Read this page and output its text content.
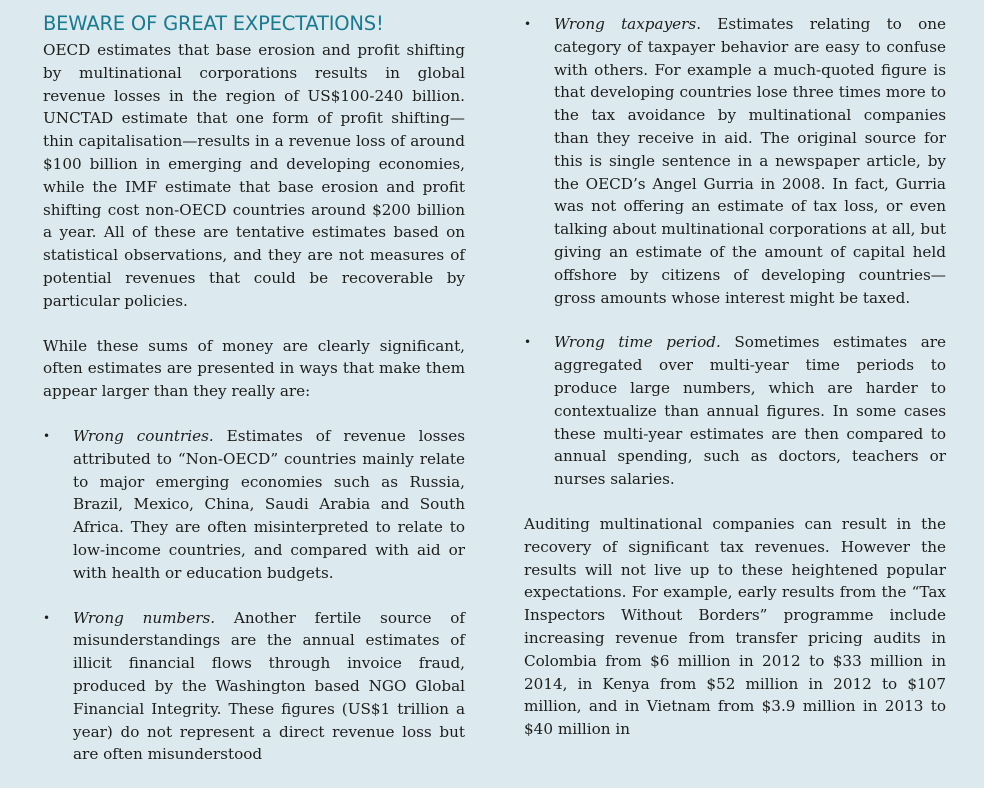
BEWARE OF GREAT EXPECTATIONS!

OECD estimates that base erosion and profit shifting by multinational corporations results in global revenue losses in the region of US$100-240 billion. UNCTAD estimate that one form of profit shifting—thin capitalisation—results in a revenue loss of around $100 billion in emerging and developing economies, while the IMF estimate that base erosion and profit shifting cost non-OECD countries around $200 billion a year. All of these are tentative estimates based on statistical observations, and they are not measures of potential revenues that could be recoverable by particular policies.

While these sums of money are clearly significant, often estimates are presented in ways that make them appear larger than they really are:

• Wrong countries. Estimates of revenue losses attributed to “Non-OECD” countries mainly relate to major emerging economies such as Russia, Brazil, Mexico, China, Saudi Arabia and South Africa. They are often misinterpreted to relate to low-income countries, and compared with aid or with health or education budgets.
• Wrong numbers. Another fertile source of misunderstandings are the annual estimates of illicit financial flows through invoice fraud, produced by the Washington based NGO Global Financial Integrity. These figures (US$1 trillion a year) do not represent a direct revenue loss but are often misunderstood
• Wrong taxpayers. Estimates relating to one category of taxpayer behavior are easy to confuse with others. For example a much-quoted figure is that developing countries lose three times more to the tax avoidance by multinational companies than they receive in aid. The original source for this is single sentence in a newspaper article, by the OECD’s Angel Gurria in 2008. In fact, Gurria was not offering an estimate of tax loss, or even talking about multinational corporations at all, but giving an estimate of the amount of capital held offshore by citizens of developing countries—gross amounts whose interest might be taxed.
• Wrong time period. Sometimes estimates are aggregated over multi-year time periods to produce large numbers, which are harder to contextualize than annual figures. In some cases these multi-year estimates are then compared to annual spending, such as doctors, teachers or nurses salaries.

Auditing multinational companies can result in the recovery of significant tax revenues. However the results will not live up to these heightened popular expectations. For example, early results from the “Tax Inspectors Without Borders” programme include increasing revenue from transfer pricing audits in Colombia from $6 million in 2012 to $33 million in 2014, in Kenya from $52 million in 2012 to $107 million, and in Vietnam from $3.9 million in 2013 to $40 million in
